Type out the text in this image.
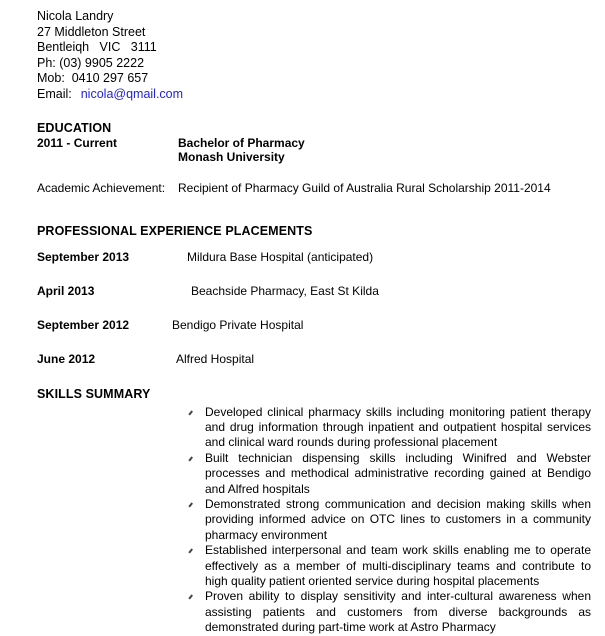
Nicola Landry
27 Middleton Street
Bentleiqh   VIC   3111
Ph: (03) 9905 2222
Mob:  0410 297 657
Email: nicola@qmail.com
EDUCATION
2011 - Current	Bachelor of Pharmacy
Monash University
Academic Achievement:	Recipient of Pharmacy Guild of Australia Rural Scholarship 2011-2014
PROFESSIONAL EXPERIENCE PLACEMENTS
September 2013	Mildura Base Hospital (anticipated)
April 2013	Beachside Pharmacy, East St Kilda
September 2012	Bendigo Private Hospital
June 2012	Alfred Hospital
SKILLS SUMMARY

Developed clinical pharmacy skills including monitoring patient therapy and drug information through inpatient and outpatient hospital services and clinical ward rounds during professional placement

Built technician dispensing skills including Winifred and Webster processes and methodical administrative recording gained at Bendigo and Alfred hospitals

Demonstrated strong communication and decision making skills when providing informed advice on OTC lines to customers in a community pharmacy environment

Established interpersonal and team work skills enabling me to operate effectively as a member of multi-disciplinary teams and contribute to high quality patient oriented service during hospital placements

Proven ability to display sensitivity and inter-cultural awareness when assisting patients and customers from diverse backgrounds as demonstrated during part-time work at Astro Pharmacy
